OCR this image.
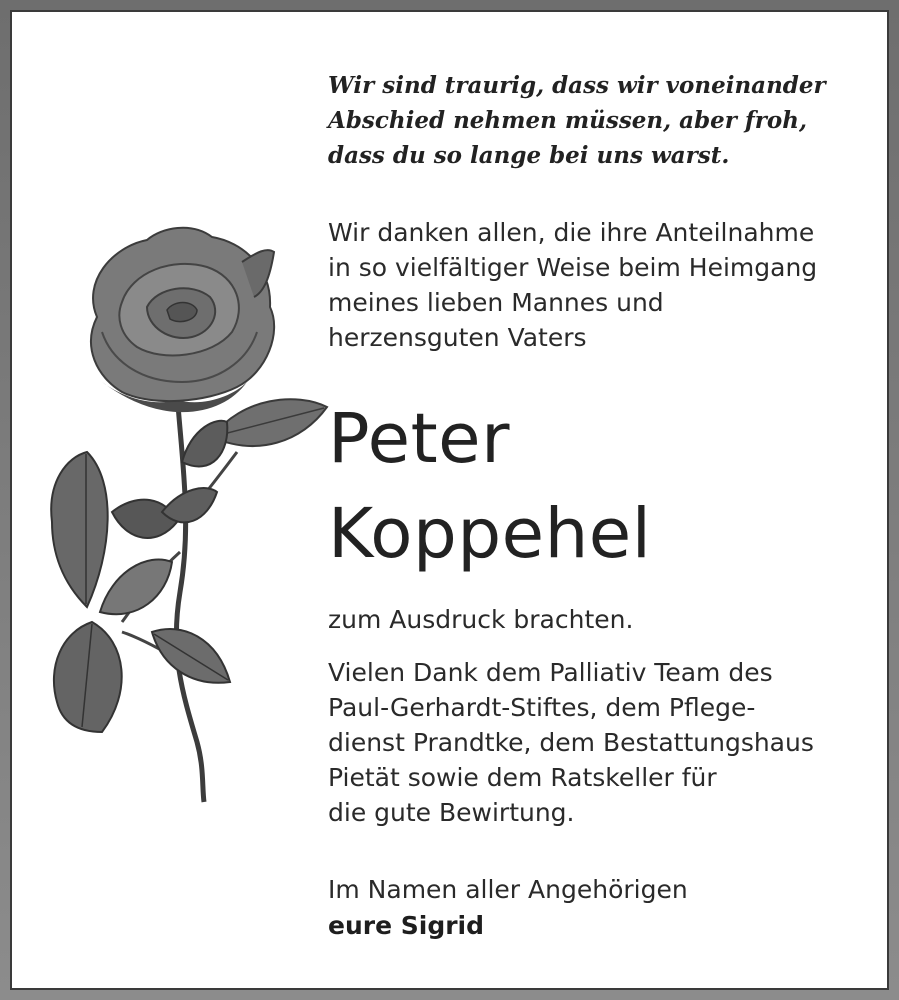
Wir sind traurig, dass wir voneinander
Abschied nehmen müssen, aber froh,
dass du so lange bei uns warst.
Wir danken allen, die ihre Anteilnahme
in so vielfältiger Weise beim Heimgang
meines lieben Mannes und
herzensguten Vaters
Peter
Koppehel
zum Ausdruck brachten.
Vielen Dank dem Palliativ Team des
Paul-Gerhardt-Stiftes, dem Pflege-
dienst Prandtke, dem Bestattungshaus
Pietät sowie dem Ratskeller für
die gute Bewirtung.
Im Namen aller Angehörigen
eure Sigrid
